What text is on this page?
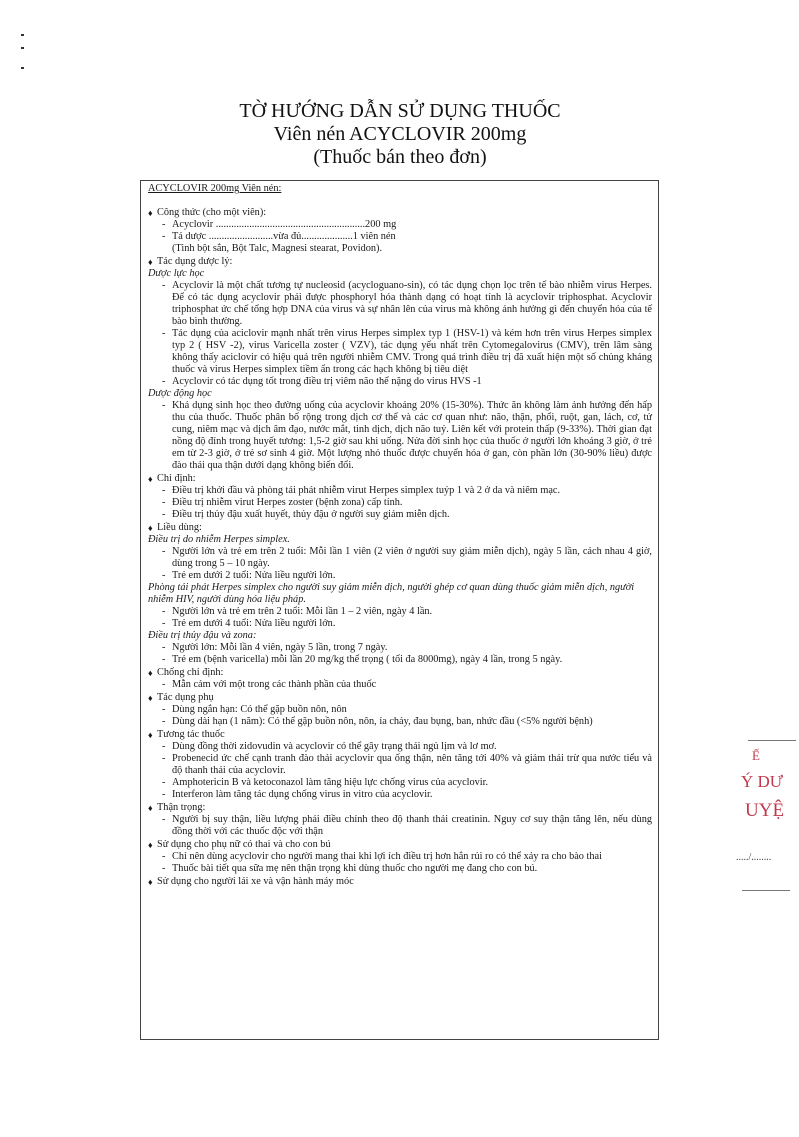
TỜ HƯỚNG DẪN SỬ DỤNG THUỐC
Viên nén ACYCLOVIR 200mg
(Thuốc bán theo đơn)
ACYCLOVIR 200mg Viên nén:
♦ Công thức (cho một viên):
- Acyclovir ..........................................................200 mg
- Tá dược .........................vừa đủ....................1 viên nén
(Tinh bột sắn, Bột Talc, Magnesi stearat, Povidon).
♦ Tác dụng dược lý:
Dược lực học
- Acyclovir là một chất tương tự nucleosid (acycloguano-sin), có tác dụng chọn lọc trên tế bào nhiễm virus Herpes. Để có tác dụng acyclovir phải được phosphoryl hóa thành dạng có hoạt tính là acyclovir triphosphat. Acyclovir triphosphat ức chế tổng hợp DNA của virus và sự nhân lên của virus mà không ảnh hưởng gì đến chuyển hóa của tế bào bình thường.
- Tác dụng của aciclovir mạnh nhất trên virus Herpes simplex typ 1 (HSV-1) và kém hơn trên virus Herpes simplex typ 2 ( HSV -2), virus Varicella zoster ( VZV), tác dụng yếu nhất trên Cytomegalovirus (CMV), trên lâm sàng không thấy aciclovir có hiệu quả trên người nhiễm CMV. Trong quá trình điều trị đã xuất hiện một số chủng kháng thuốc và virus Herpes simplex tiềm ẩn trong các hạch không bị tiêu diệt
- Acyclovir có tác dụng tốt trong điều trị viêm não thể nặng do virus HVS -1
Dược động học
- Khả dụng sinh học theo đường uống của acyclovir khoảng 20% (15-30%). Thức ăn không làm ảnh hưởng đến hấp thu của thuốc. Thuốc phân bố rộng trong dịch cơ thể và các cơ quan như: não, thận, phổi, ruột, gan, lách, cơ, tử cung, niêm mạc và dịch âm đạo, nước mắt, tinh dịch, dịch não tuỷ. Liên kết với protein thấp (9-33%). Thời gian đạt nồng độ đỉnh trong huyết tương: 1,5-2 giờ sau khi uống. Nửa đời sinh học của thuốc ở người lớn khoảng 3 giờ, ở trẻ em từ 2-3 giờ, ở trẻ sơ sinh 4 giờ. Một lượng nhỏ thuốc được chuyển hóa ở gan, còn phần lớn (30-90% liều) được đào thải qua thận dưới dạng không biến đổi.
♦ Chỉ định:
- Điều trị khởi đầu và phòng tái phát nhiễm virut Herpes simplex tuýp 1 và 2 ở da và niêm mạc.
- Điều trị nhiễm virut Herpes zoster (bệnh zona) cấp tính.
- Điều trị thủy đậu xuất huyết, thủy đậu ở người suy giảm miễn dịch.
♦ Liều dùng:
Điều trị do nhiễm Herpes simplex.
- Người lớn và trẻ em trên 2 tuổi: Mỗi lần 1 viên (2 viên ở người suy giảm miễn dịch), ngày 5 lần, cách nhau 4 giờ, dùng trong 5 – 10 ngày.
- Trẻ em dưới 2 tuổi: Nửa liều người lớn.
Phòng tái phát Herpes simplex cho người suy giảm miễn dịch, người ghép cơ quan dùng thuốc giảm miễn dịch, người nhiễm HIV, người dùng hóa liệu pháp.
- Người lớn và trẻ em trên 2 tuổi: Mỗi lần 1 – 2 viên, ngày 4 lần.
- Trẻ em dưới 4 tuổi: Nửa liều người lớn.
Điều trị thủy đậu và zona:
- Người lớn: Mỗi lần 4 viên, ngày 5 lần, trong 7 ngày.
- Trẻ em (bệnh varicella) mỗi lần 20 mg/kg thể trọng ( tối đa 8000mg), ngày 4 lần, trong 5 ngày.
♦ Chống chỉ định:
- Mẫn cảm với một trong các thành phần của thuốc
♦ Tác dụng phụ
- Dùng ngắn hạn: Có thể gặp buồn nôn, nôn
- Dùng dài hạn (1 năm): Có thể gặp buồn nôn, nôn, ỉa chảy, đau bụng, ban, nhức đầu (<5% người bệnh)
♦ Tương tác thuốc
- Dùng đồng thời zidovudin và acyclovir có thể gây trạng thái ngủ lịm và lơ mơ.
- Probenecid ức chế cạnh tranh đào thải acyclovir qua ống thận, nên tăng tới 40% và giảm thải trừ qua nước tiểu và độ thanh thải của acyclovir.
- Amphotericin B và ketoconazol làm tăng hiệu lực chống virus của acyclovir.
- Interferon làm tăng tác dụng chống virus in vitro của acyclovir.
♦ Thận trọng:
- Người bị suy thận, liều lượng phải điều chỉnh theo độ thanh thải creatinin. Nguy cơ suy thận tăng lên, nếu dùng đồng thời với các thuốc độc với thận
♦ Sử dụng cho phụ nữ có thai và cho con bú
- Chỉ nên dùng acyclovir cho người mang thai khi lợi ích điều trị hơn hẳn rủi ro có thể xảy ra cho bào thai
- Thuốc bài tiết qua sữa mẹ nên thận trọng khi dùng thuốc cho người mẹ đang cho con bú.
♦ Sử dụng cho người lái xe và vận hành máy móc
Ế
Ý DƯ
UYỆ
...../........
